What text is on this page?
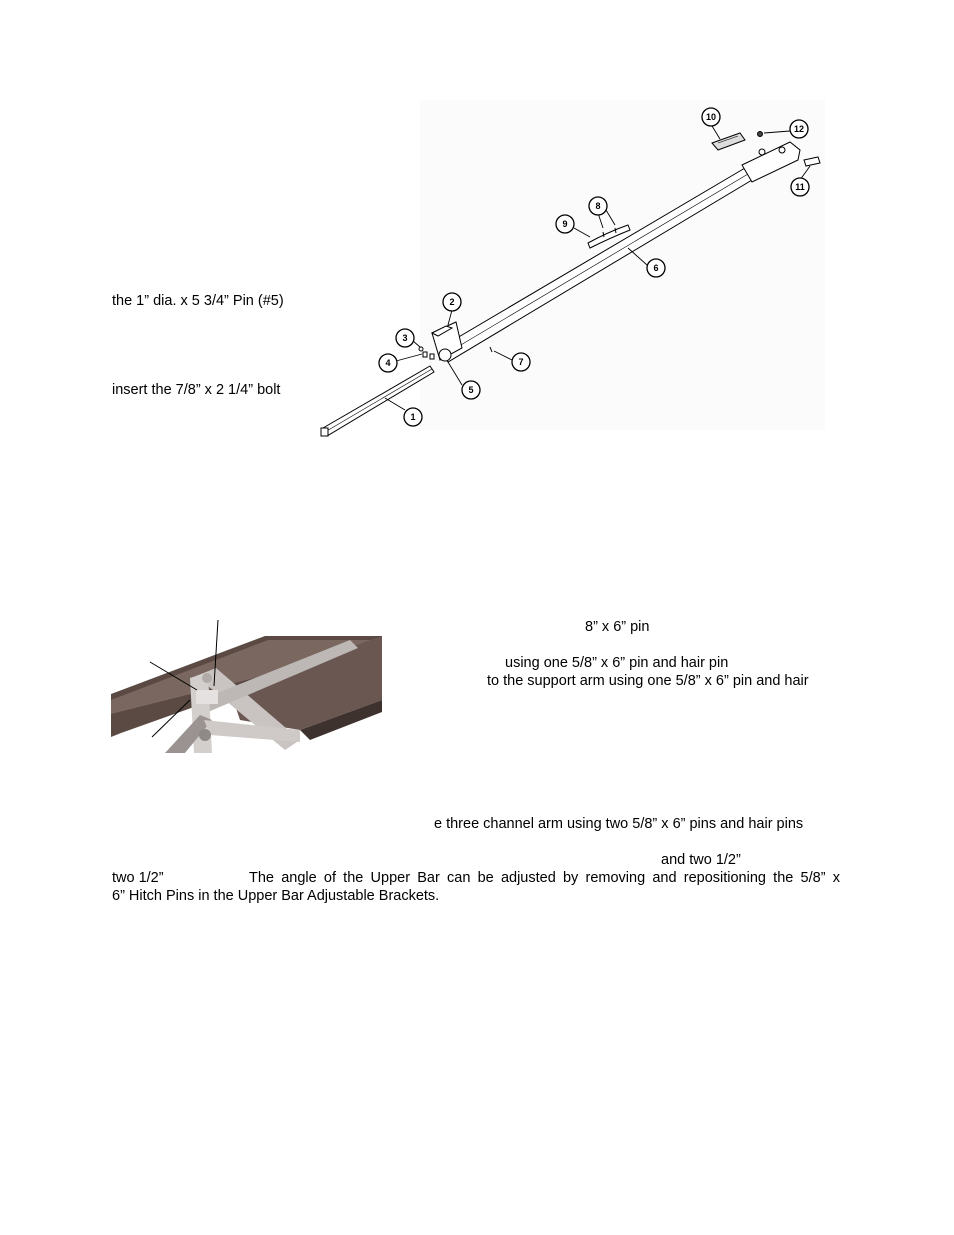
the 1” dia. x 5 3/4” Pin (#5)
insert the 7/8” x 2 1/4” bolt
1
2
3
4
5
6
7
8
9
10
11
12
8” x 6” pin
using one 5/8” x 6” pin and hair pin
to the support arm using one 5/8” x 6” pin and hair
e three channel arm using two 5/8” x 6” pins and hair pins
and two 1/2”
two 1/2”	The angle of the Upper Bar can be adjusted by removing and repositioning the 5/8” x
6” Hitch Pins in the Upper Bar Adjustable Brackets.
